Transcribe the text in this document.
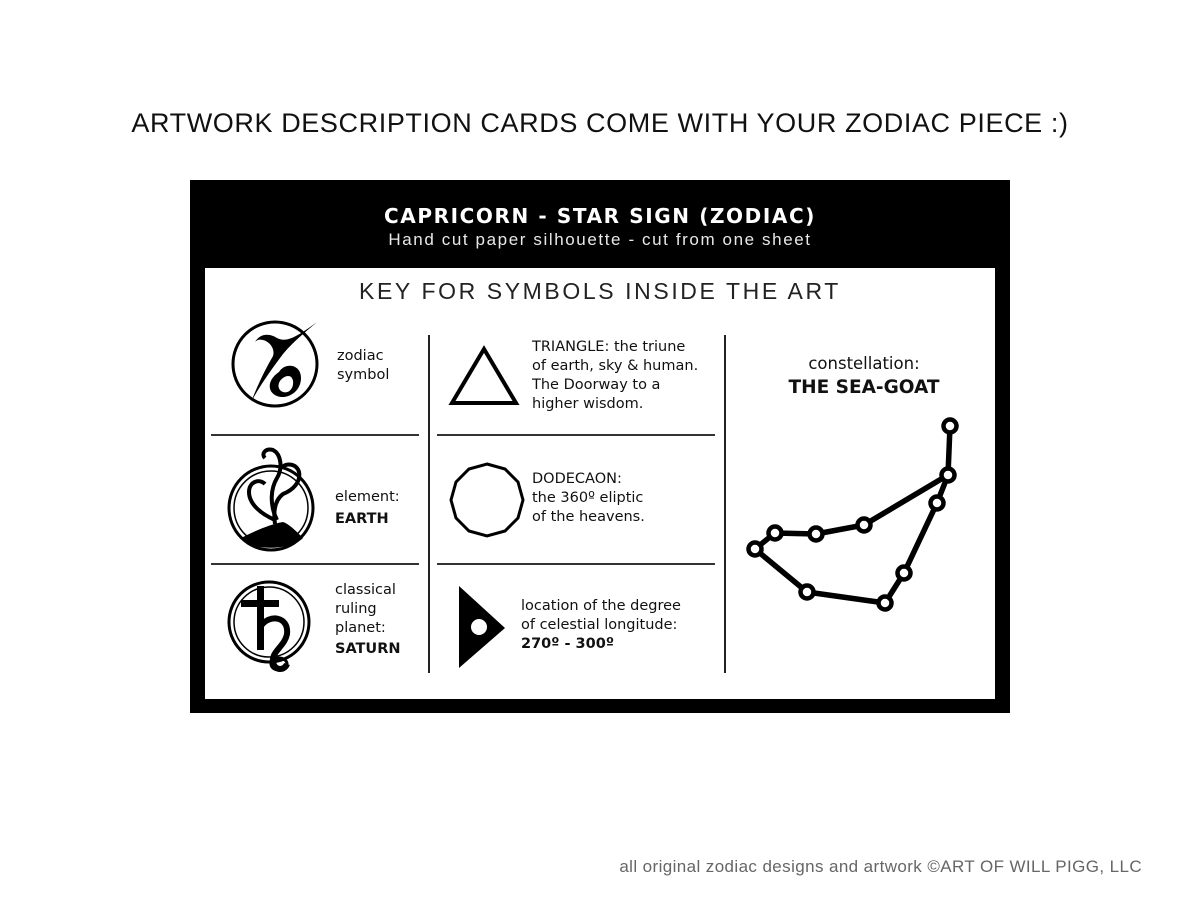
ARTWORK DESCRIPTION CARDS COME WITH YOUR ZODIAC PIECE :)
CAPRICORN - STAR SIGN (ZODIAC)
Hand cut paper silhouette - cut from one sheet
KEY FOR SYMBOLS INSIDE THE ART
zodiac
symbol
element:
EARTH
classical
ruling
planet:
SATURN
TRIANGLE: the triune
of earth, sky & human.
The Doorway to a
higher wisdom.
DODECAON:
the 360º eliptic
of the heavens.
location of the degree
of celestial longitude:
270º - 300º
constellation:
THE SEA-GOAT
all original zodiac designs and artwork ©ART OF WILL PIGG, LLC
